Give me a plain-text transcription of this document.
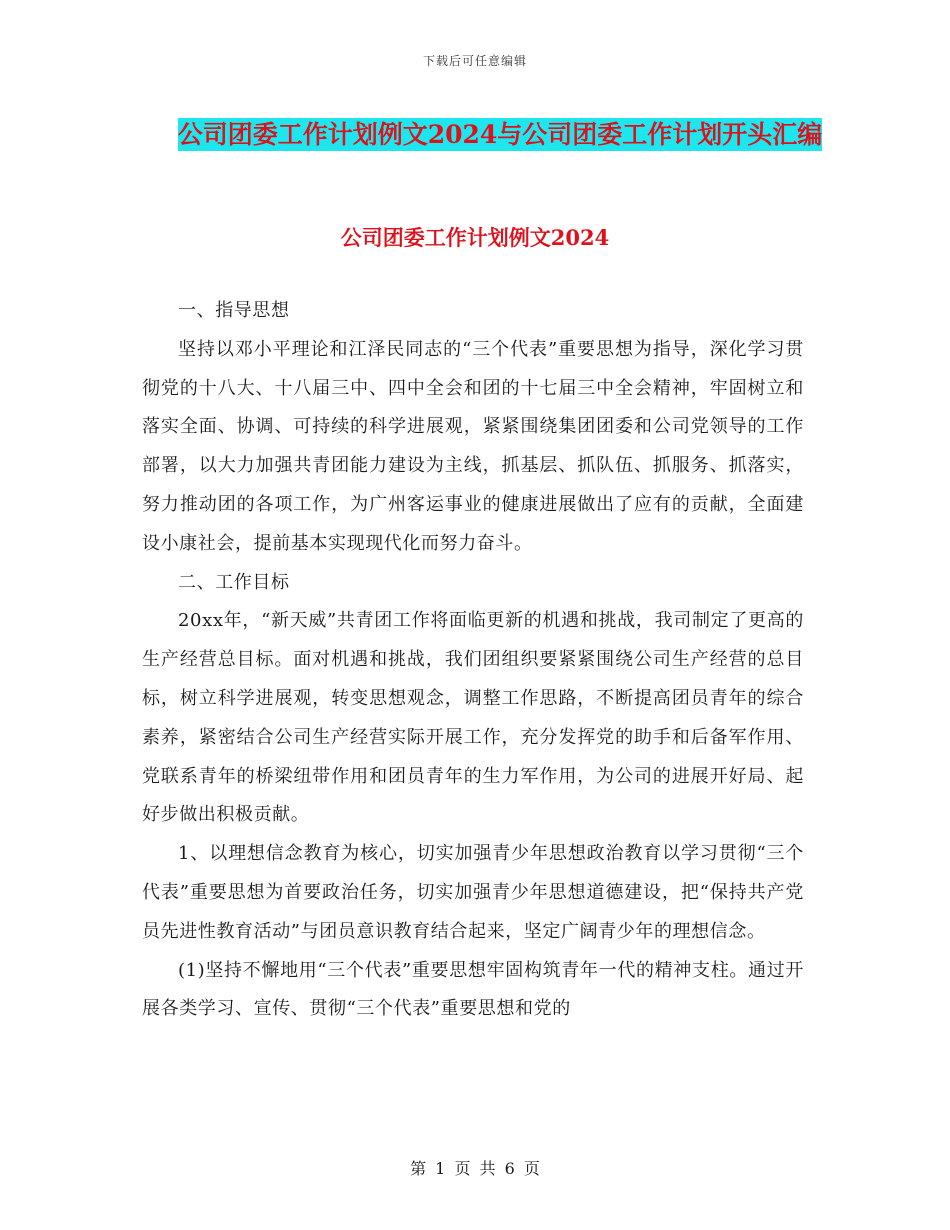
下载后可任意编辑
公司团委工作计划例文2024与公司团委工作计划开头汇编
公司团委工作计划例文2024

一、指导思想

坚持以邓小平理论和江泽民同志的“三个代表”重要思想为指导，深化学习贯彻党的十八大、十八届三中、四中全会和团的十七届三中全会精神，牢固树立和落实全面、协调、可持续的科学进展观，紧紧围绕集团团委和公司党领导的工作部署，以大力加强共青团能力建设为主线，抓基层、抓队伍、抓服务、抓落实，努力推动团的各项工作，为广州客运事业的健康进展做出了应有的贡献，全面建设小康社会，提前基本实现现代化而努力奋斗。

二、工作目标

20xx年，“新天威”共青团工作将面临更新的机遇和挑战，我司制定了更高的生产经营总目标。面对机遇和挑战，我们团组织要紧紧围绕公司生产经营的总目标，树立科学进展观，转变思想观念，调整工作思路，不断提高团员青年的综合素养，紧密结合公司生产经营实际开展工作，充分发挥党的助手和后备军作用、党联系青年的桥梁纽带作用和团员青年的生力军作用，为公司的进展开好局、起好步做出积极贡献。

1、以理想信念教育为核心，切实加强青少年思想政治教育以学习贯彻“三个代表”重要思想为首要政治任务，切实加强青少年思想道德建设，把“保持共产党员先进性教育活动”与团员意识教育结合起来，坚定广阔青少年的理想信念。

(1)坚持不懈地用“三个代表”重要思想牢固构筑青年一代的精神支柱。通过开展各类学习、宣传、贯彻“三个代表”重要思想和党的

第 1 页 共 6 页
